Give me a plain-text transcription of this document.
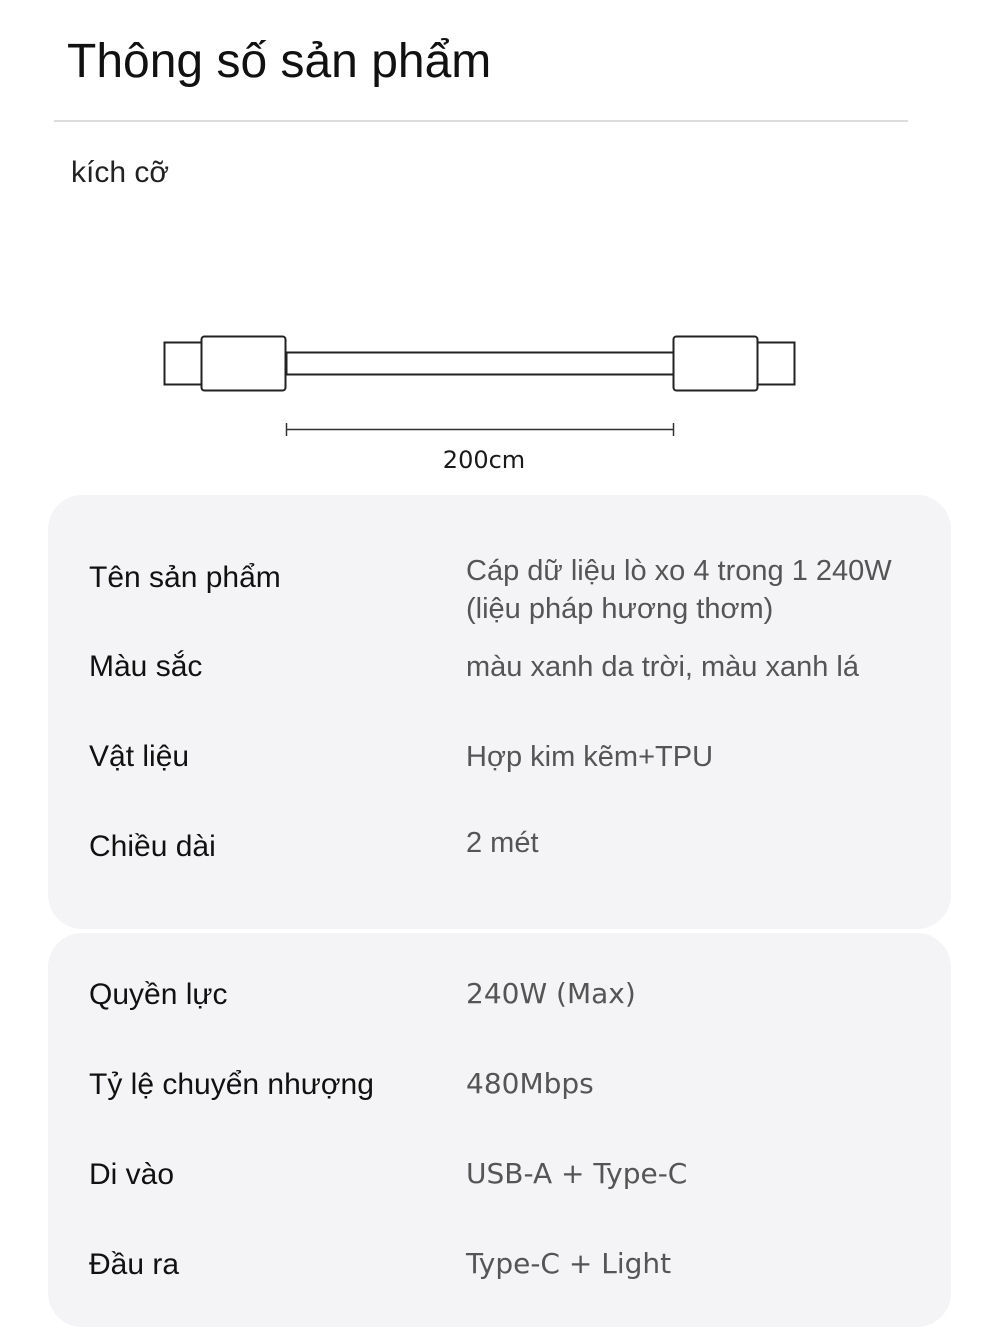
Thông số sản phẩm
kích cỡ
200cm
Tên sản phẩm	Cáp dữ liệu lò xo 4 trong 1 240W (liệu pháp hương thơm)
Màu sắc	màu xanh da trời, màu xanh lá
Vật liệu	Hợp kim kẽm+TPU
Chiều dài	2 mét
Quyền lực	240W (Max)
Tỷ lệ chuyển nhượng	480Mbps
Di vào	USB-A + Type-C
Đầu ra	Type-C + Light
